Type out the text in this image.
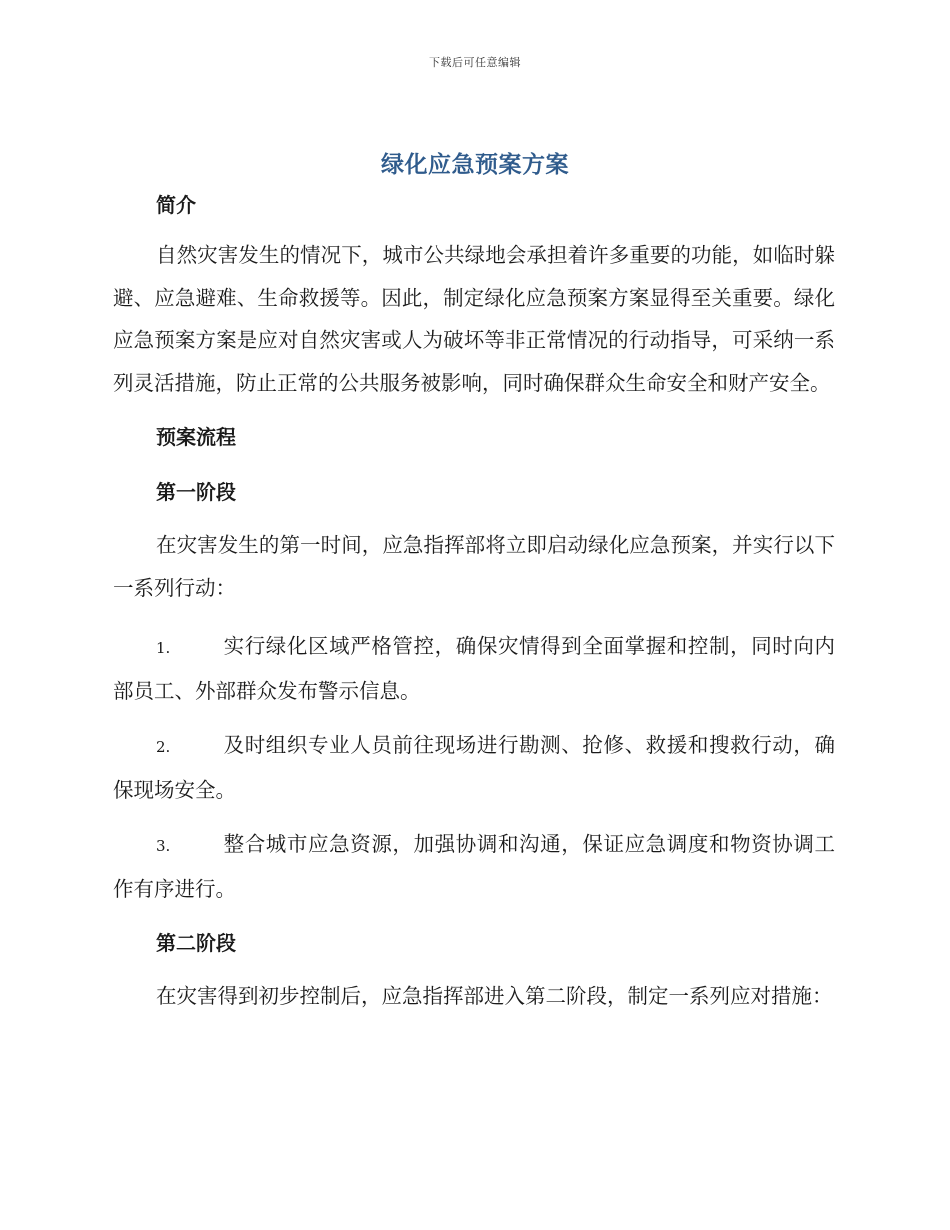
下载后可任意编辑
绿化应急预案方案

简介

自然灾害发生的情况下，城市公共绿地会承担着许多重要的功能，如临时躲避、应急避难、生命救援等。因此，制定绿化应急预案方案显得至关重要。绿化应急预案方案是应对自然灾害或人为破坏等非正常情况的行动指导，可采纳一系列灵活措施，防止正常的公共服务被影响，同时确保群众生命安全和财产安全。

预案流程

第一阶段

在灾害发生的第一时间，应急指挥部将立即启动绿化应急预案，并实行以下一系列行动：

1.	实行绿化区域严格管控，确保灾情得到全面掌握和控制，同时向内部员工、外部群众发布警示信息。

2.	及时组织专业人员前往现场进行勘测、抢修、救援和搜救行动，确保现场安全。

3.	整合城市应急资源，加强协调和沟通，保证应急调度和物资协调工作有序进行。

第二阶段

在灾害得到初步控制后，应急指挥部进入第二阶段，制定一系列应对措施：
